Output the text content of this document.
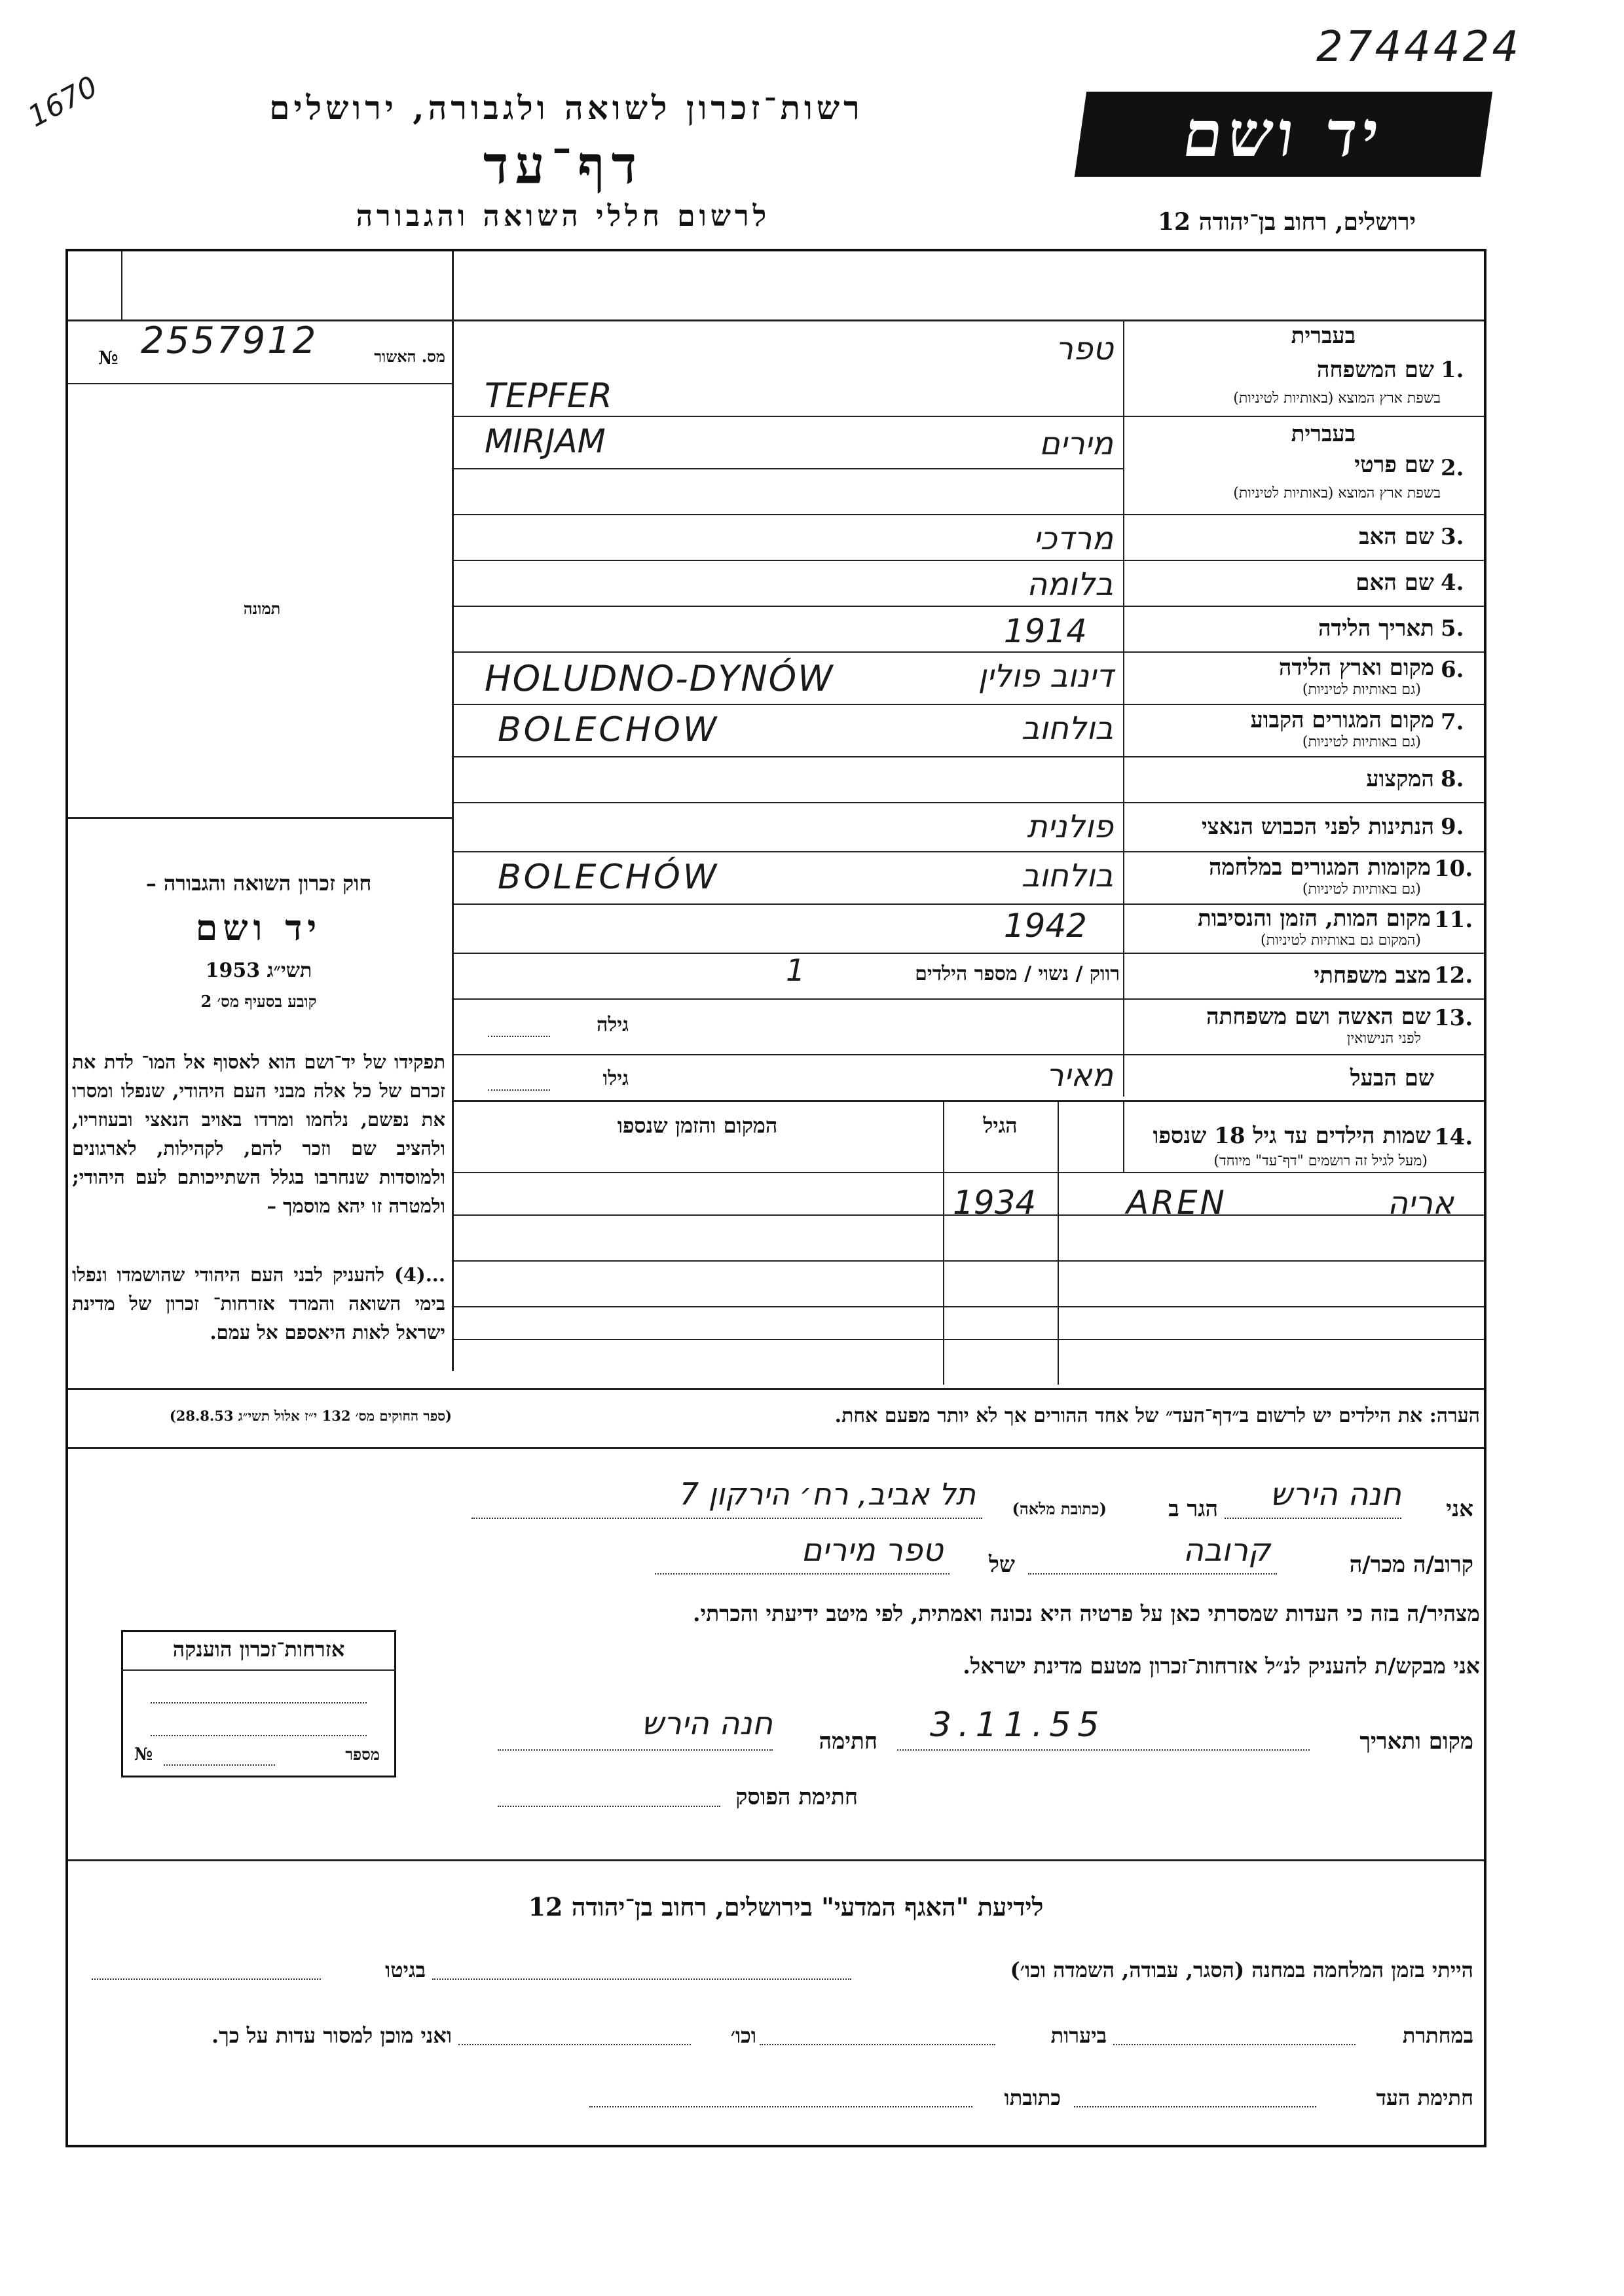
1670
2744424
רשות־זכרון לשואה ולגבורה, ירושלים
דף־עד
לרשום חללי השואה והגבורה
יד ושם
ירושלים, רחוב בן־יהודה 12
№ 2557912	מס. האשור
תמונה
חוק זכרון השואה והגבורה –
יד ושם
תשי״ג 1953
קובע בסעיף מס׳ 2
תפקידו של יד־ושם הוא לאסוף אל המו־ לדת את זכרם של כל אלה מבני העם היהודי, שנפלו ומסרו את נפשם, נלחמו ומרדו באויב הנאצי ובעוזריו, ולהציב שם וזכר להם, לקהילות, לארגונים ולמוסדות שנחרבו בגלל השתייכותם לעם היהודי; ולמטרה זו יהא מוסמך –
...(4) להעניק לבני העם היהודי שהושמדו ונפלו בימי השואה והמרד אזרחות־ זכרון של מדינת ישראל לאות היאספם אל עמם.
(ספר החוקים מס׳ 132 י״ז אלול תשי״ג 28.8.53)
1.
בעברית
שם המשפחה
בשפת ארץ המוצא (באותיות לטיניות)
2.
בעברית
שם פרטי
בשפת ארץ המוצא (באותיות לטיניות)
3.
שם האב
4.
שם האם
5.
תאריך הלידה
6.
מקום וארץ הלידה
(גם באותיות לטיניות)
7.
מקום המגורים הקבוע
(גם באותיות לטיניות)
8.
המקצוע
9.
הנתינות לפני הכבוש הנאצי
10.
מקומות המגורים במלחמה
(גם באותיות לטיניות)
11.
מקום המות, הזמן והנסיבות
(המקום גם באותיות לטיניות)
12.
מצב משפחתי
13.
שם האשה ושם משפחתה
לפני הנישואין
שם הבעל
טפר
TEPFER
מירים
MIRJAM
מרדכי
בלומה
1914
דינוב פולין
HOLUDNO-DYNÓW
בולחוב
BOLECHOW
פולנית
בולחוב
BOLECHÓW
1942
רווק / נשוי / מספר הילדים
1
גילה
מאיר
גילו
14.
שמות הילדים עד גיל 18 שנספו
(מעל לגיל זה רושמים "דף־עד" מיוחד)
הגיל
המקום והזמן שנספו
אריה
AREN
1934
הערה: את הילדים יש לרשום ב״דף־העד״ של אחד ההורים אך לא יותר מפעם אחת.
אני
חנה הירש
הגר ב
(כתובת מלאה)
תל אביב, רח׳ הירקון 7
קרוב/ה מכר/ה
קרובה
של
טפר מירים
מצהיר/ה בזה כי העדות שמסרתי כאן על פרטיה היא נכונה ואמתית, לפי מיטב ידיעתי והכרתי.
אני מבקש/ת להעניק לנ״ל אזרחות־זכרון מטעם מדינת ישראל.
מקום ותאריך
3.11.55
חתימה
חנה הירש
חתימת הפוסק
אזרחות־זכרון הוענקה
מספר
№
לידיעת "האגף המדעי" בירושלים, רחוב בן־יהודה 12
הייתי בזמן המלחמה במחנה (הסגר, עבודה, השמדה וכו׳)
בגיטו
במחתרת
ביערות
וכו׳
ואני מוכן למסור עדות על כך.
חתימת העד
כתובתו
